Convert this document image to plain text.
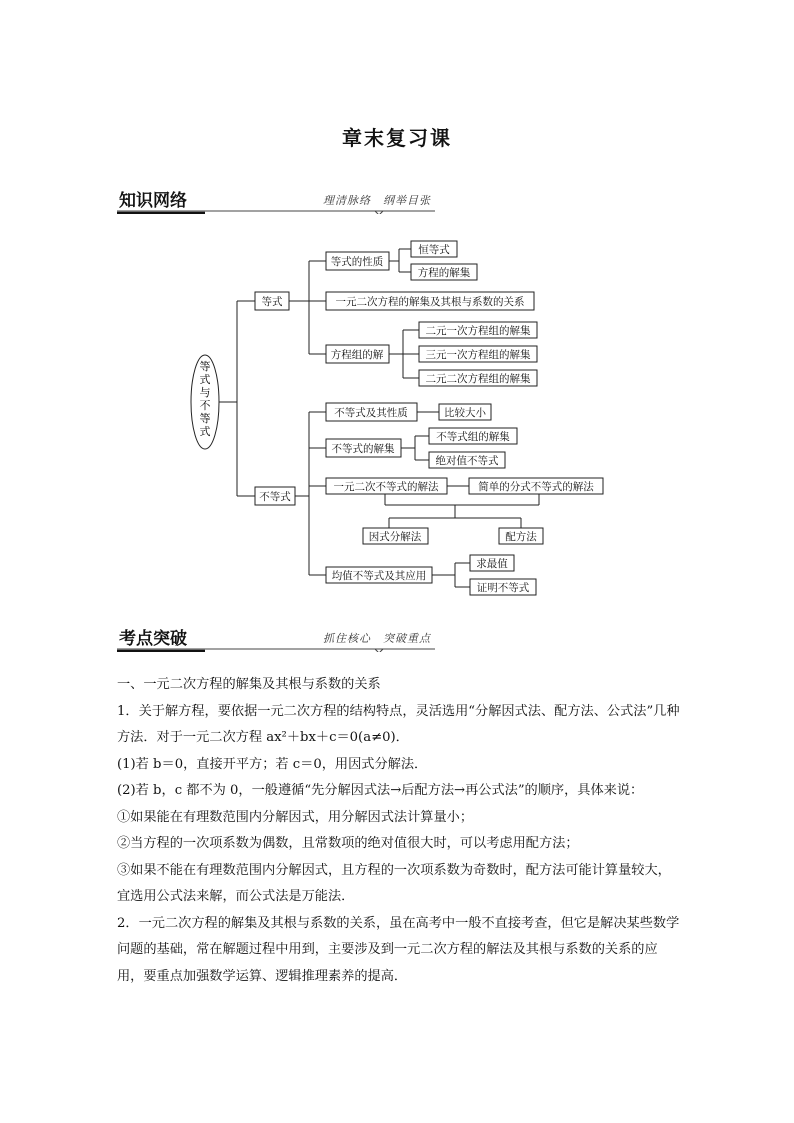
章末复习课
知识网络	理清脉络　纲举目张
等
式
与
不
等
式
等式
等式的性质
恒等式
方程的解集
一元二次方程的解集及其根与系数的关系
方程组的解
二元一次方程组的解集
三元一次方程组的解集
二元二次方程组的解集
不等式
不等式及其性质	比较大小
不等式的解集
不等式组的解集
绝对值不等式
一元二次不等式的解法	简单的分式不等式的解法
因式分解法	配方法
均值不等式及其应用
求最值
证明不等式
考点突破	抓住核心　突破重点

一、一元二次方程的解集及其根与系数的关系

1．关于解方程，要依据一元二次方程的结构特点，灵活选用“分解因式法、配方法、公式法”几种方法．对于一元二次方程 ax²＋bx＋c＝0(a≠0)．

(1)若 b＝0，直接开平方；若 c＝0，用因式分解法．

(2)若 b，c 都不为 0，一般遵循“先分解因式法→后配方法→再公式法”的顺序，具体来说：

①如果能在有理数范围内分解因式，用分解因式法计算量小；

②当方程的一次项系数为偶数，且常数项的绝对值很大时，可以考虑用配方法；

③如果不能在有理数范围内分解因式，且方程的一次项系数为奇数时，配方法可能计算量较大，宜选用公式法来解，而公式法是万能法．

2．一元二次方程的解集及其根与系数的关系，虽在高考中一般不直接考查，但它是解决某些数学问题的基础，常在解题过程中用到，主要涉及到一元二次方程的解法及其根与系数的关系的应用，要重点加强数学运算、逻辑推理素养的提高．
